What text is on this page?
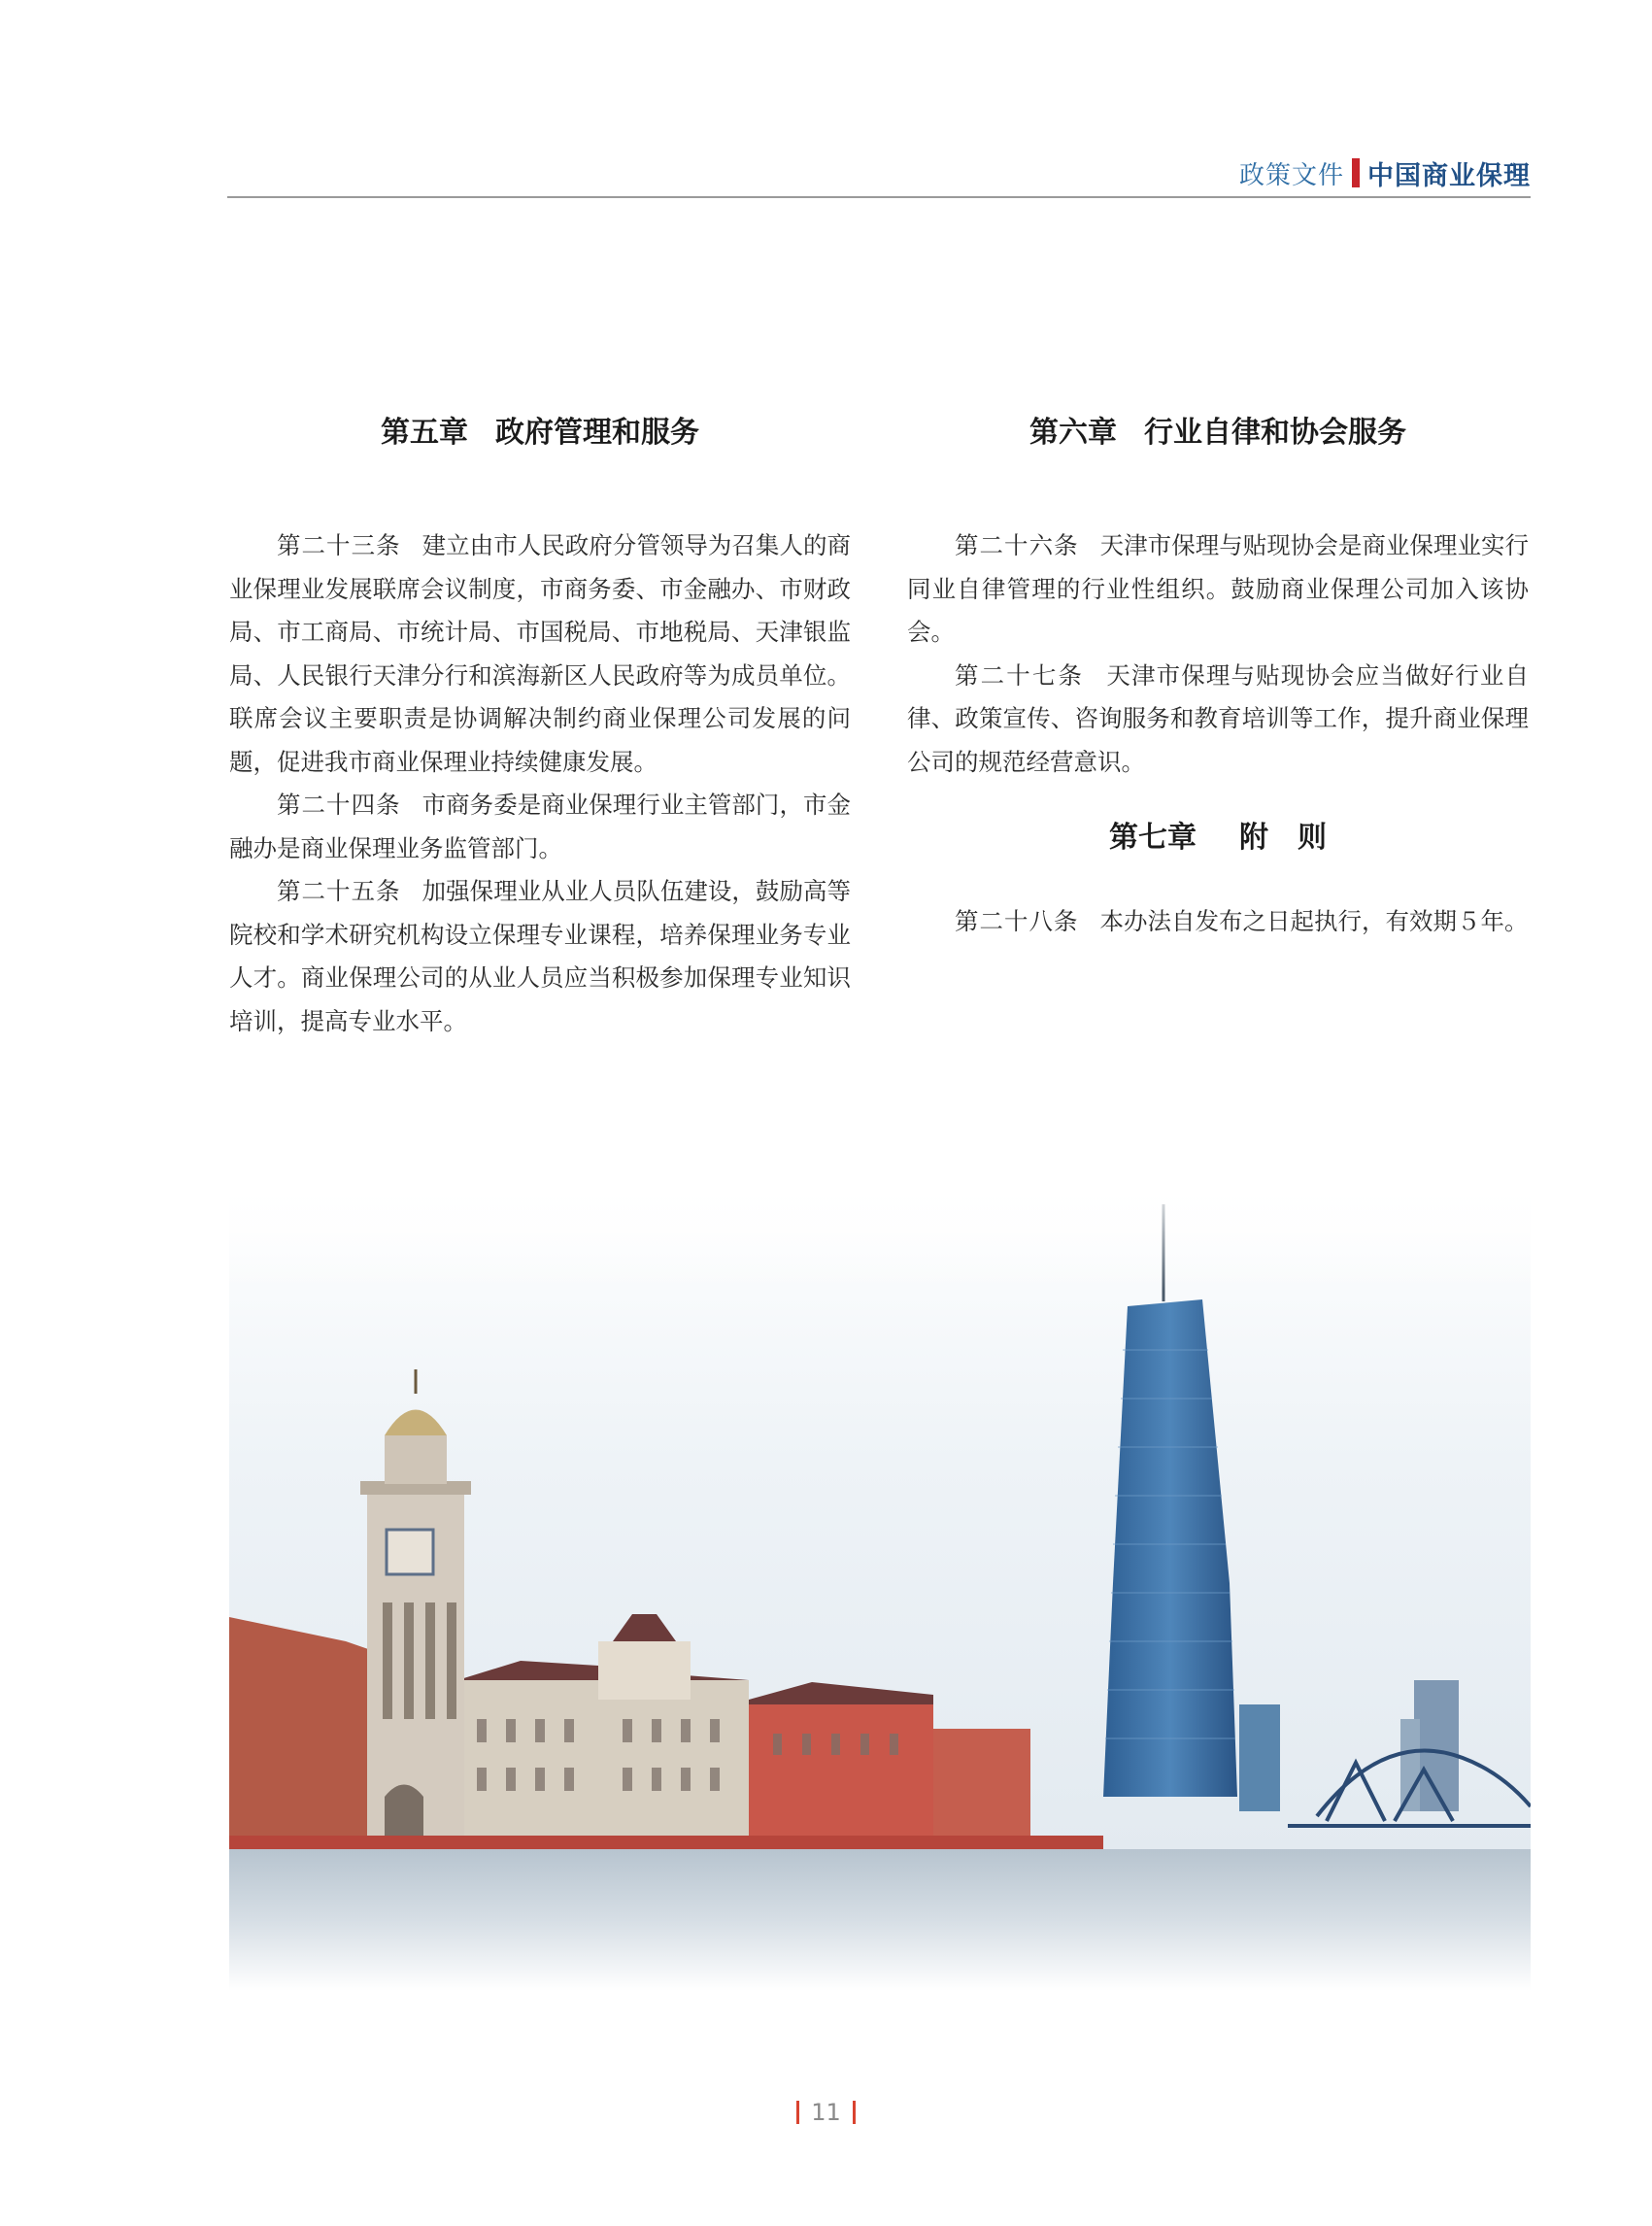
政策文件 中国商业保理
第五章 政府管理和服务

第二十三条 建立由市人民政府分管领导为召集人的商业保理业发展联席会议制度，市商务委、市金融办、市财政局、市工商局、市统计局、市国税局、市地税局、天津银监局、人民银行天津分行和滨海新区人民政府等为成员单位。联席会议主要职责是协调解决制约商业保理公司发展的问题，促进我市商业保理业持续健康发展。

第二十四条 市商务委是商业保理行业主管部门，市金融办是商业保理业务监管部门。

第二十五条 加强保理业从业人员队伍建设，鼓励高等院校和学术研究机构设立保理专业课程，培养保理业务专业人才。商业保理公司的从业人员应当积极参加保理专业知识培训，提高专业水平。

第六章 行业自律和协会服务

第二十六条 天津市保理与贴现协会是商业保理业实行同业自律管理的行业性组织。鼓励商业保理公司加入该协会。

第二十七条 天津市保理与贴现协会应当做好行业自律、政策宣传、咨询服务和教育培训等工作，提升商业保理公司的规范经营意识。

第七章 附　则

第二十八条 本办法自发布之日起执行，有效期５年。

11
